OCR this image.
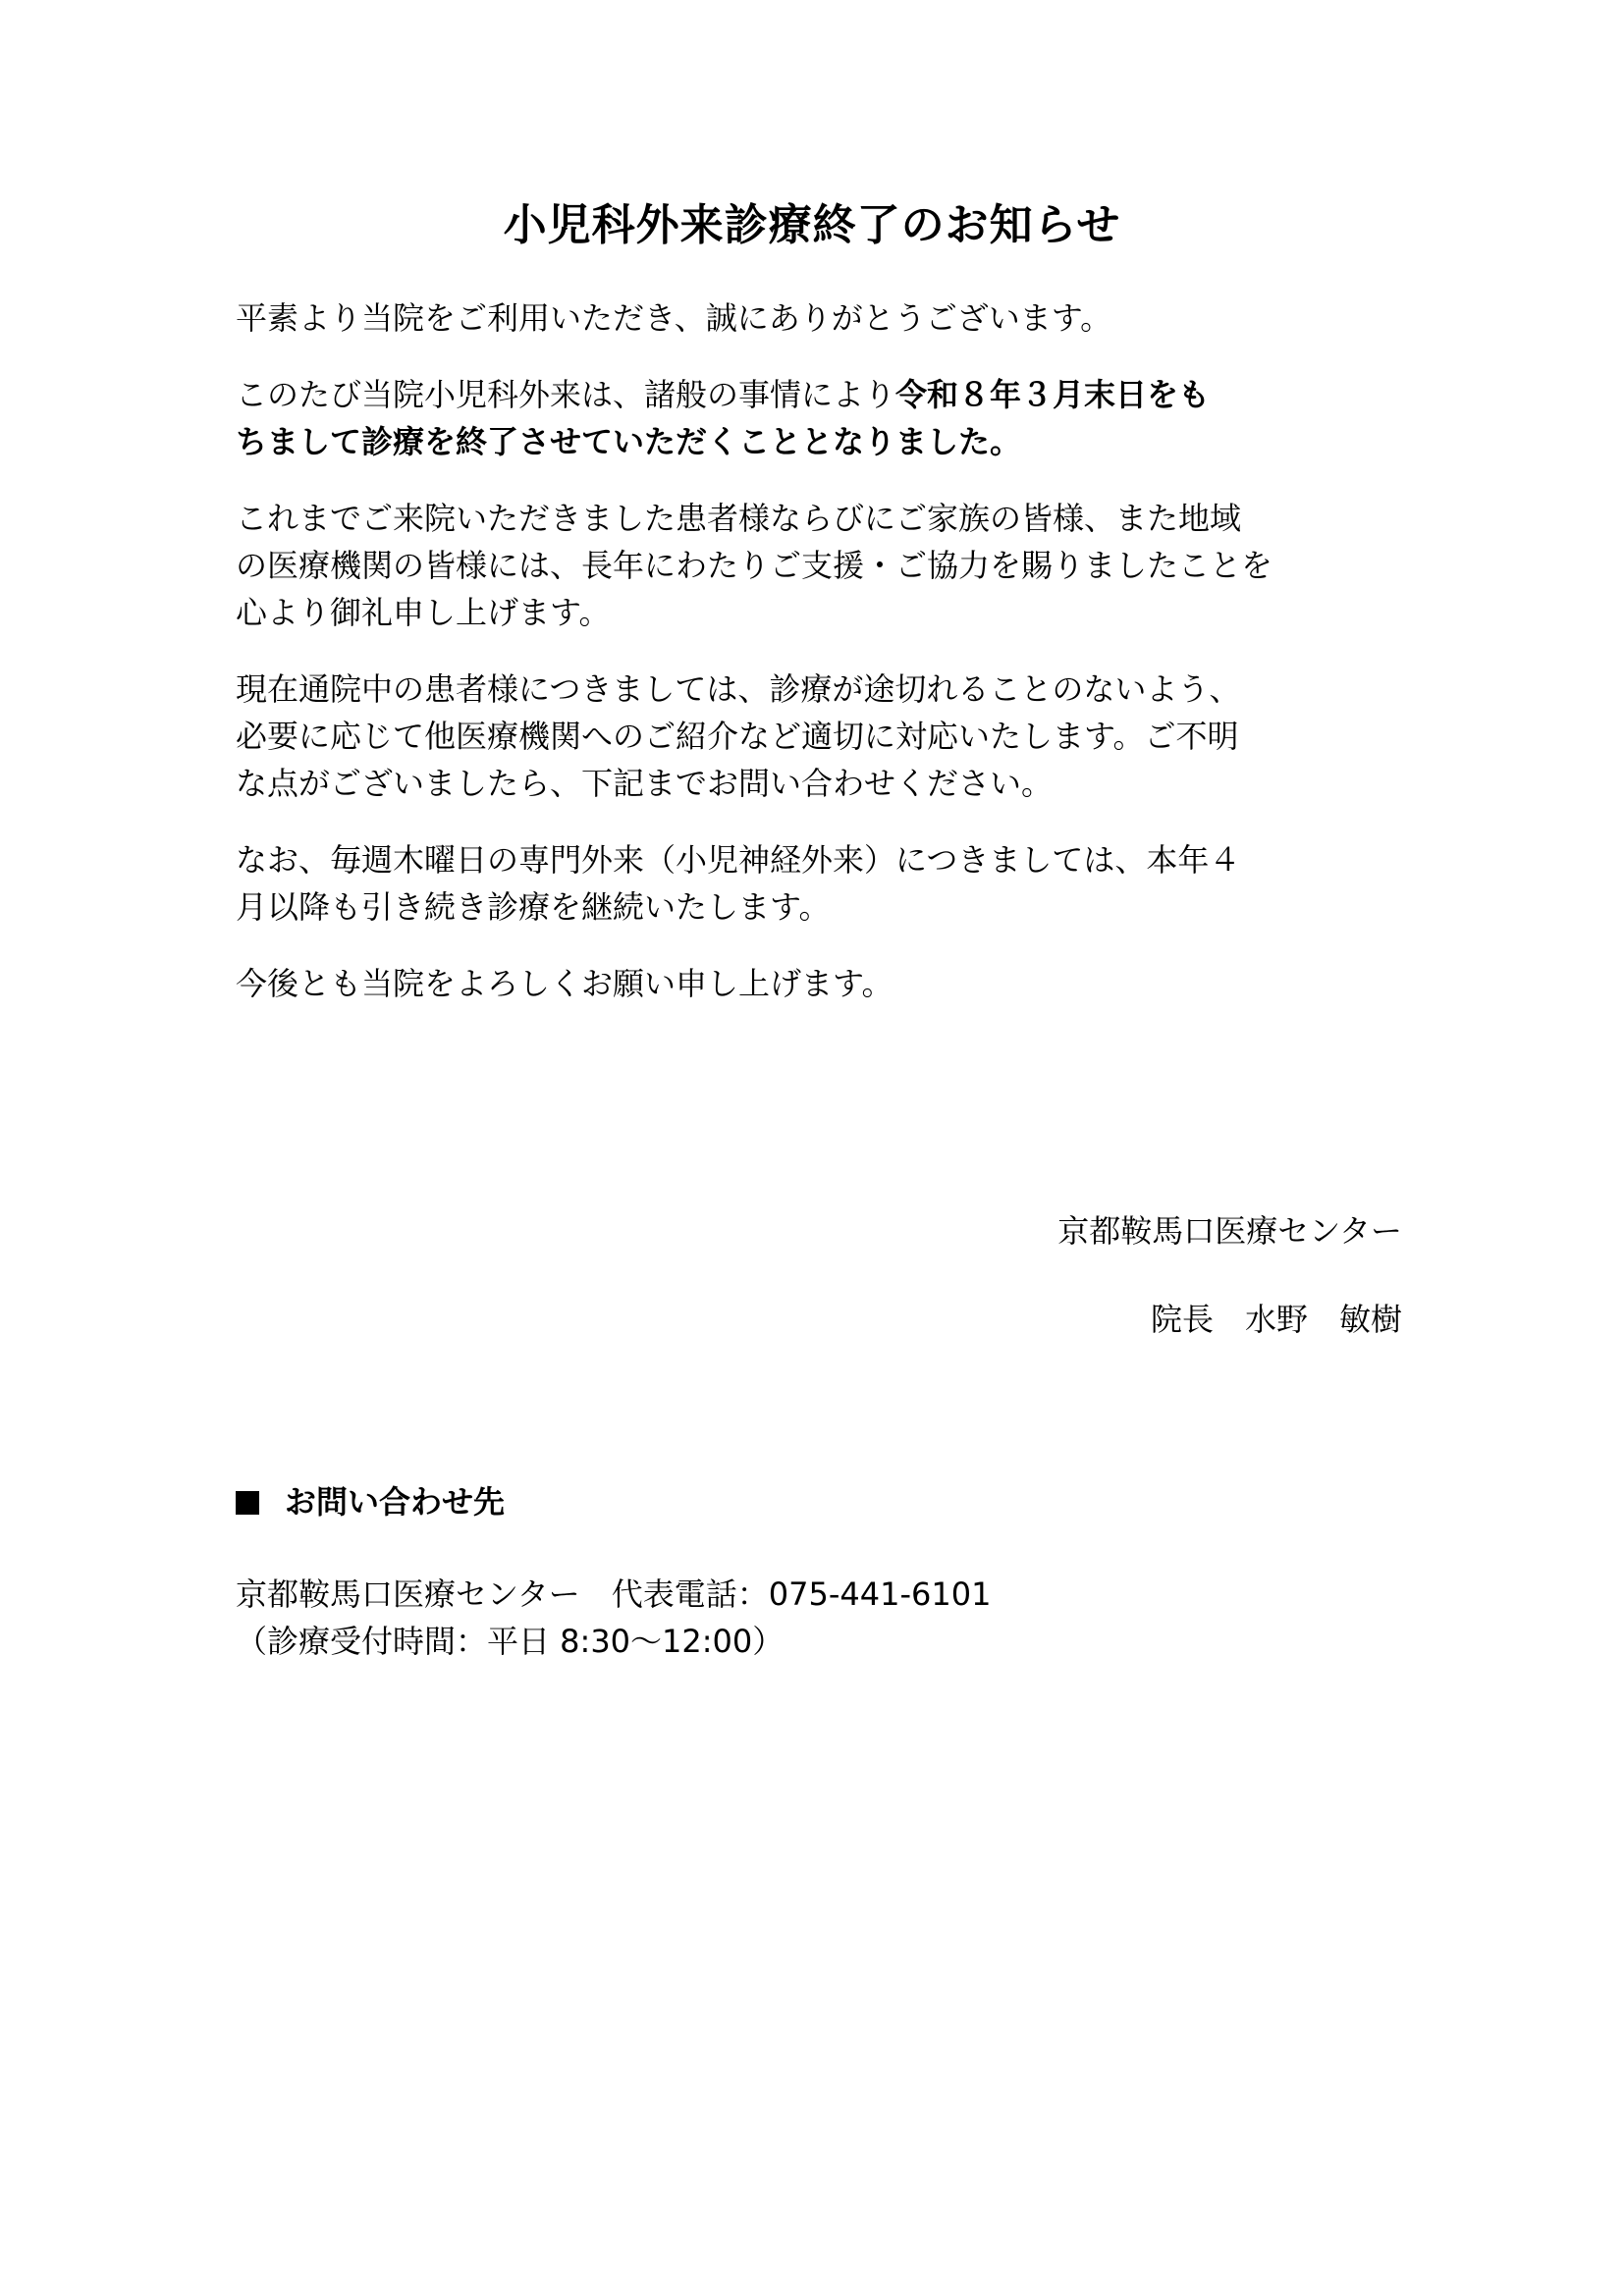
小児科外来診療終了のお知らせ

平素より当院をご利用いただき、誠にありがとうございます。

このたび当院小児科外来は、諸般の事情により令和８年３月末日をも
ちまして診療を終了させていただくこととなりました。

これまでご来院いただきました患者様ならびにご家族の皆様、また地域
の医療機関の皆様には、長年にわたりご支援・ご協力を賜りましたことを
心より御礼申し上げます。

現在通院中の患者様につきましては、診療が途切れることのないよう、
必要に応じて他医療機関へのご紹介など適切に対応いたします。ご不明
な点がございましたら、下記までお問い合わせください。

なお、毎週木曜日の専門外来（小児神経外来）につきましては、本年４
月以降も引き続き診療を継続いたします。

今後とも当院をよろしくお願い申し上げます。

京都鞍馬口医療センター
院長 水野　敏樹
お問い合わせ先
京都鞍馬口医療センター 代表電話：075-441-6101
（診療受付時間：平日 8:30～12:00）
